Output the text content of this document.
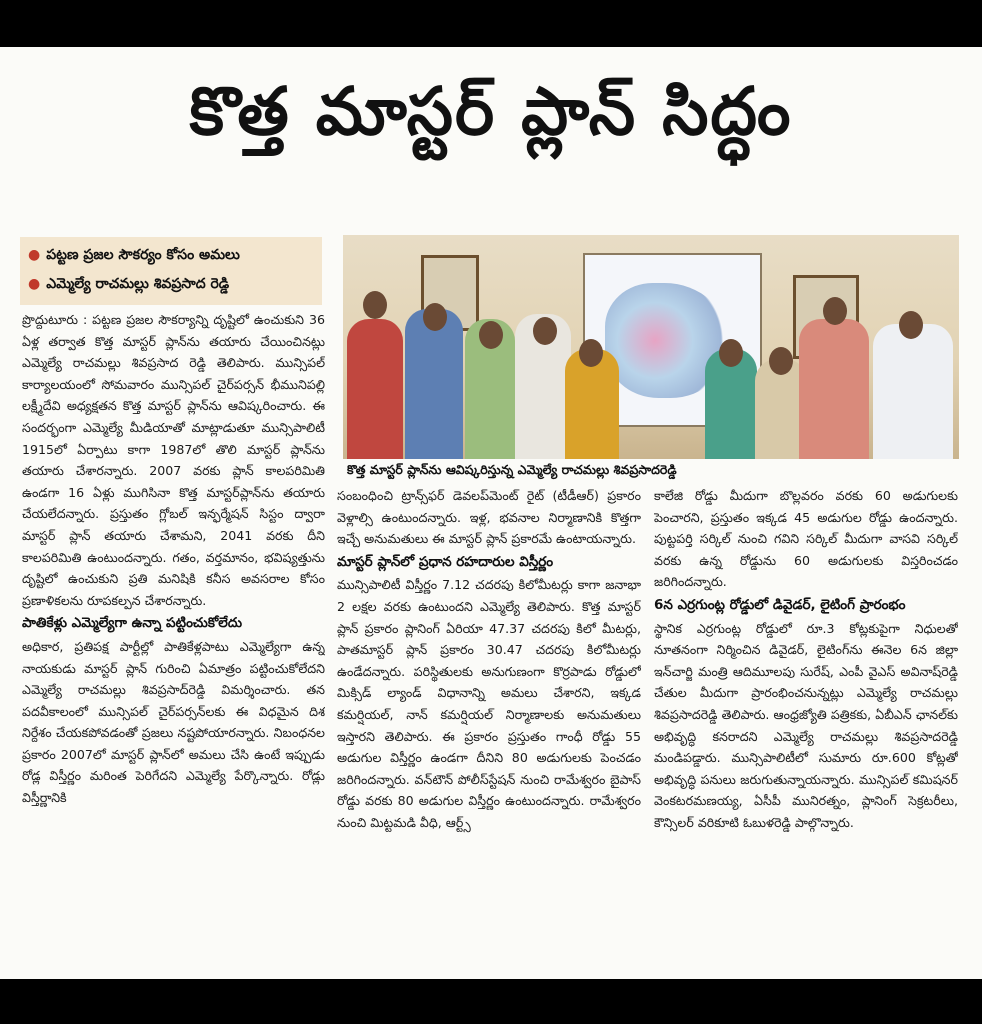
కొత్త మాస్టర్ ప్లాన్ సిద్ధం
● పట్టణ ప్రజల సౌకర్యం కోసం అమలు
● ఎమ్మెల్యే రాచమల్లు శివప్రసాద రెడ్డి
కొత్త మాస్టర్ ప్లాన్‌ను ఆవిష్కరిస్తున్న ఎమ్మెల్యే రాచమల్లు శివప్రసాదరెడ్డి

ప్రొద్దుటూరు : పట్టణ ప్రజల సౌకర్యాన్ని దృష్టిలో ఉంచుకుని 36 ఏళ్ల తర్వాత కొత్త మాస్టర్ ప్లాన్‌ను తయారు చేయించినట్లు ఎమ్మెల్యే రాచమల్లు శివప్రసాద రెడ్డి తెలిపారు. మున్సిపల్ కార్యాలయంలో సోమవారం మున్సిపల్ చైర్‌పర్సన్ భీమునిపల్లి లక్ష్మీదేవి అధ్యక్షతన కొత్త మాస్టర్ ప్లాన్‌ను ఆవిష్కరించారు. ఈ సందర్భంగా ఎమ్మెల్యే మీడియాతో మాట్లాడుతూ మున్సిపాలిటీ 1915లో ఏర్పాటు కాగా 1987లో తొలి మాస్టర్ ప్లాన్‌ను తయారు చేశారన్నారు. 2007 వరకు ప్లాన్ కాలపరిమితి ఉండగా 16 ఏళ్లు ముగిసినా కొత్త మాస్టర్‌ప్లాన్‌ను తయారు చేయలేదన్నారు. ప్రస్తుతం గ్లోబల్ ఇన్ఫర్మేషన్ సిస్టం ద్వారా మాస్టర్ ప్లాన్ తయారు చేశామని, 2041 వరకు దీని కాలపరిమితి ఉంటుందన్నారు. గతం, వర్తమానం, భవిష్యత్తును దృష్టిలో ఉంచుకుని ప్రతి మనిషికి కనీస అవసరాల కోసం ప్రణాళికలను రూపకల్పన చేశారన్నారు.

పాతికేళ్లు ఎమ్మెల్యేగా ఉన్నా పట్టించుకోలేదు

అధికార, ప్రతిపక్ష పార్టీల్లో పాతికేళ్లపాటు ఎమ్మెల్యేగా ఉన్న నాయకుడు మాస్టర్ ప్లాన్ గురించి ఏమాత్రం పట్టించుకోలేదని ఎమ్మెల్యే రాచమల్లు శివప్రసాద్‌రెడ్డి విమర్శించారు. తన పదవీకాలంలో మున్సిపల్ చైర్‌పర్సన్‌లకు ఈ విధమైన దిశ నిర్దేశం చేయకపోవడంతో ప్రజలు నష్టపోయారన్నారు. నిబంధనల ప్రకారం 2007లో మాస్టర్ ప్లాన్‌లో అమలు చేసి ఉంటే ఇప్పుడు రోడ్ల విస్తీర్ణం మరింత పెరిగేదని ఎమ్మెల్యే పేర్కొన్నారు. రోడ్లు విస్తీర్ణానికి

సంబంధించి ట్రాన్స్‌ఫర్ డెవలప్‌మెంట్ రైట్ (టీడీఆర్) ప్రకారం వెళ్లాల్సి ఉంటుందన్నారు. ఇళ్ల, భవనాల నిర్మాణానికి కొత్తగా ఇచ్చే అనుమతులు ఈ మాస్టర్ ప్లాన్ ప్రకారమే ఉంటాయన్నారు.

మాస్టర్ ప్లాన్‌లో ప్రధాన రహదారుల విస్తీర్ణం

మున్సిపాలిటీ విస్తీర్ణం 7.12 చదరపు కిలోమీటర్లు కాగా జనాభా 2 లక్షల వరకు ఉంటుందని ఎమ్మెల్యే తెలిపారు. కొత్త మాస్టర్ ప్లాన్ ప్రకారం ప్లానింగ్ ఏరియా 47.37 చదరపు కిలో మీటర్లు, పాతమాస్టర్ ప్లాన్ ప్రకారం 30.47 చదరపు కిలోమీటర్లు ఉండేదన్నారు. పరిస్థితులకు అనుగుణంగా కొర్రపాడు రోడ్డులో మిక్సిడ్ ల్యాండ్ విధానాన్ని అమలు చేశారని, ఇక్కడ కమర్షియల్, నాన్ కమర్షియల్ నిర్మాణాలకు అనుమతులు ఇస్తారని తెలిపారు. ఈ ప్రకారం ప్రస్తుతం గాంధీ రోడ్డు 55 అడుగుల విస్తీర్ణం ఉండగా దీనిని 80 అడుగులకు పెంచడం జరిగిందన్నారు. వన్‌టౌన్ పోలీస్‌స్టేషన్ నుంచి రామేశ్వరం బైపాస్ రోడ్డు వరకు 80 అడుగుల విస్తీర్ణం ఉంటుందన్నారు. రామేశ్వరం నుంచి మిట్టమడి వీధి, ఆర్ట్స్

కాలేజి రోడ్డు మీదుగా బొల్లవరం వరకు 60 అడుగులకు పెంచారని, ప్రస్తుతం ఇక్కడ 45 అడుగుల రోడ్డు ఉందన్నారు. పుట్టపర్తి సర్కిల్ నుంచి గవిని సర్కిల్ మీదుగా వాసవి సర్కిల్ వరకు ఉన్న రోడ్డును 60 అడుగులకు విస్తరించడం జరిగిందన్నారు.

6న ఎర్రగుంట్ల రోడ్డులో డివైడర్, లైటింగ్ ప్రారంభం

స్థానిక ఎర్రగుంట్ల రోడ్డులో రూ.3 కోట్లకుపైగా నిధులతో నూతనంగా నిర్మించిన డివైడర్, లైటింగ్‌ను ఈనెల 6న జిల్లా ఇన్‌చార్జి మంత్రి ఆదిమూలపు సురేష్, ఎంపీ వైఎస్ అవినాష్‌రెడ్డి చేతుల మీదుగా ప్రారంభించనున్నట్లు ఎమ్మెల్యే రాచమల్లు శివప్రసాదరెడ్డి తెలిపారు. ఆంధ్రజ్యోతి పత్రికకు, ఏబీఎన్ ఛానల్‌కు అభివృద్ధి కనరాదని ఎమ్మెల్యే రాచమల్లు శివప్రసాదరెడ్డి మండిపడ్డారు. మున్సిపాలిటీలో సుమారు రూ.600 కోట్లతో అభివృద్ధి పనులు జరుగుతున్నాయన్నారు. మున్సిపల్ కమిషనర్ వెంకటరమణయ్య, ఏసీపీ మునిరత్నం, ప్లానింగ్ సెక్రటరీలు, కౌన్సిలర్ వరికూటి ఓబుళరెడ్డి పాల్గొన్నారు.
